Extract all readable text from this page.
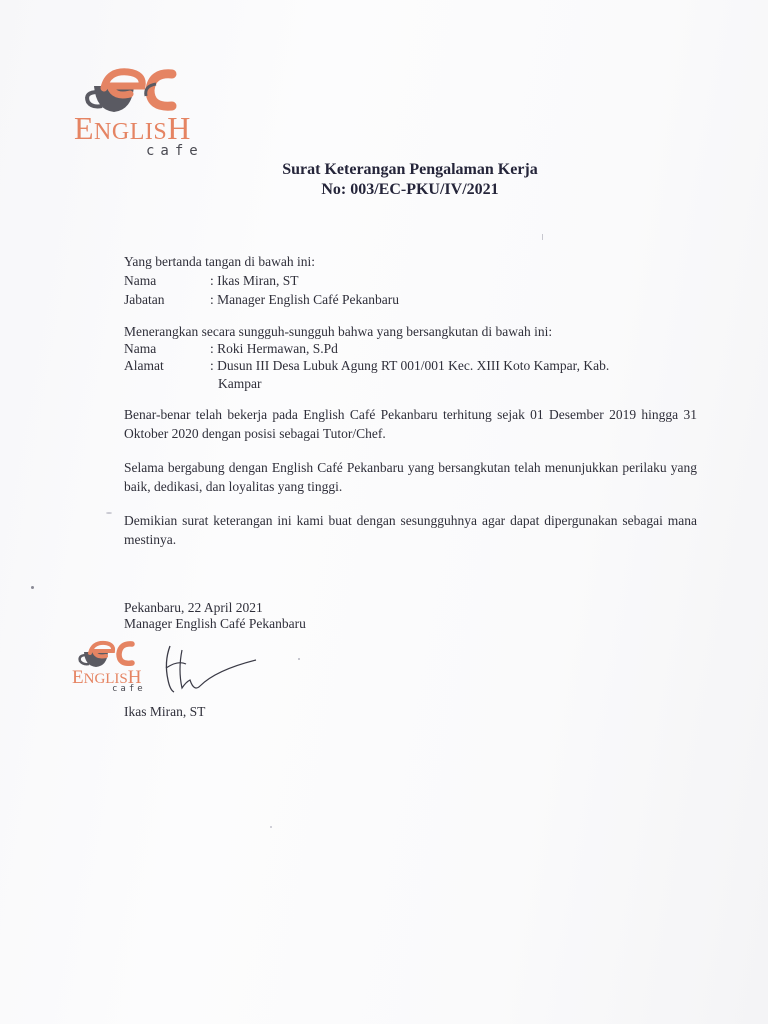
ENGLISH
cafe
Surat Keterangan Pengalaman Kerja
No: 003/EC-PKU/IV/2021
Yang bertanda tangan di bawah ini:
Nama	: Ikas Miran, ST
Jabatan	: Manager English Café Pekanbaru
Menerangkan secara sungguh-sungguh bahwa yang bersangkutan di bawah ini:
Nama	: Roki Hermawan, S.Pd
Alamat	: Dusun III Desa Lubuk Agung RT 001/001 Kec. XIII Koto Kampar, Kab.
Kampar
Benar-benar telah bekerja pada English Café Pekanbaru terhitung sejak 01 Desember 2019 hingga 31 Oktober 2020 dengan posisi sebagai Tutor/Chef.
Selama bergabung dengan English Café Pekanbaru yang bersangkutan telah menunjukkan perilaku yang baik, dedikasi, dan loyalitas yang tinggi.
Demikian surat keterangan ini kami buat dengan sesungguhnya agar dapat dipergunakan sebagai mana mestinya.
Pekanbaru, 22 April 2021
Manager English Café Pekanbaru
ENGLISH
cafe
Ikas Miran, ST
